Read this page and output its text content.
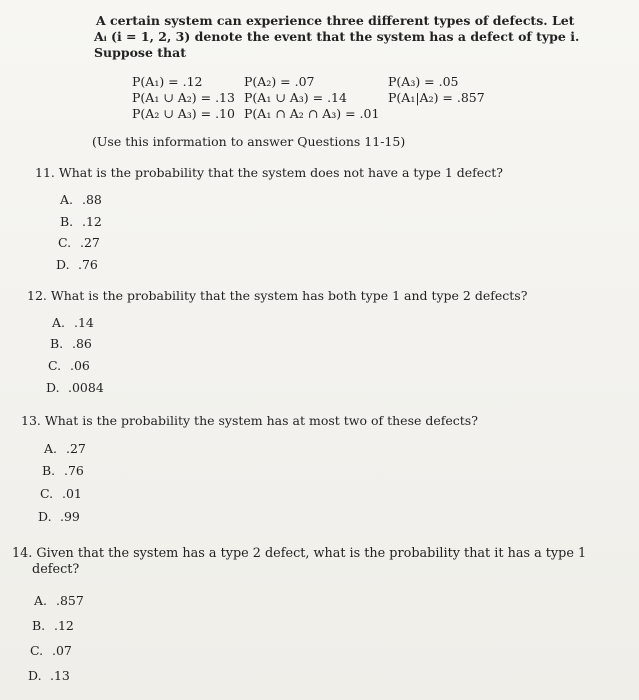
A certain system can experience three different types of defects. Let
Aᵢ (i = 1, 2, 3) denote the event that the system has a defect of type i.
Suppose that
P(A₁) = .12	P(A₂) = .07	P(A₃) = .05
P(A₁ ∪ A₂) = .13 P(A₁ ∪ A₃) = .14	P(A₁|A₂) = .857
P(A₂ ∪ A₃) = .10 P(A₁ ∩ A₂ ∩ A₃) = .01
(Use this information to answer Questions 11-15)
11. What is the probability that the system does not have a type 1 defect?
A. .88
B. .12
C. .27
D. .76
12. What is the probability that the system has both type 1 and type 2 defects?
A. .14
B. .86
C. .06
D. .0084
13. What is the probability the system has at most two of these defects?
A. .27
B. .76
C. .01
D. .99
14. Given that the system has a type 2 defect, what is the probability that it has a type 1
defect?
A. .857
B. .12
C. .07
D. .13
